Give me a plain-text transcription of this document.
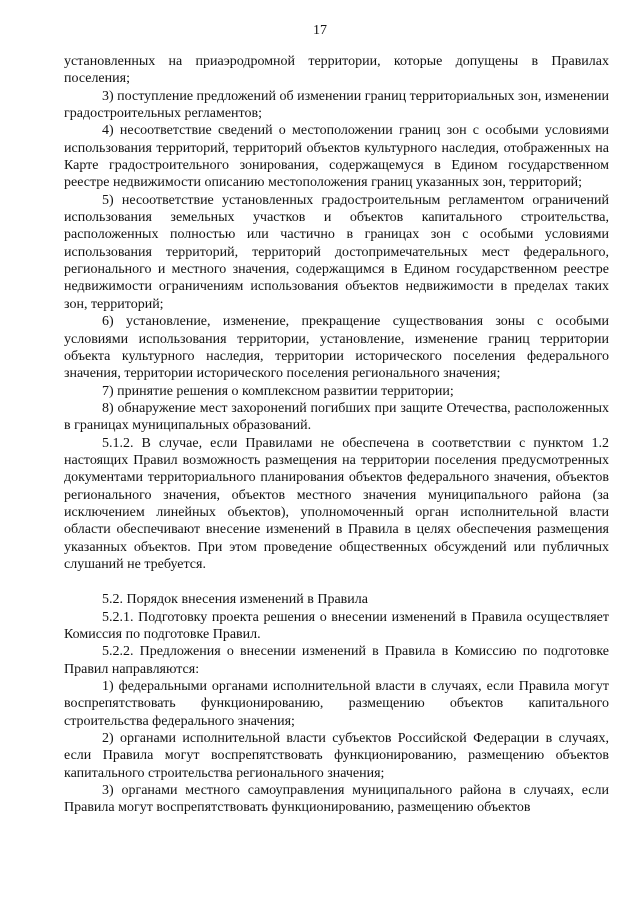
17

установленных на приаэродромной территории, которые допущены в Правилах поселения;

3) поступление предложений об изменении границ территориальных зон, изменении градостроительных регламентов;

4) несоответствие сведений о местоположении границ зон с особыми условиями использования территорий, территорий объектов культурного наследия, отображенных на Карте градостроительного зонирования, содержащемуся в Едином государственном реестре недвижимости описанию местоположения границ указанных зон, территорий;

5) несоответствие установленных градостроительным регламентом ограничений использования земельных участков и объектов капитального строительства, расположенных полностью или частично в границах зон с особыми условиями использования территорий, территорий достопримечательных мест федерального, регионального и местного значения, содержащимся в Едином государственном реестре недвижимости ограничениям использования объектов недвижимости в пределах таких зон, территорий;

6) установление, изменение, прекращение существования зоны с особыми условиями использования территории, установление, изменение границ территории объекта культурного наследия, территории исторического поселения федерального значения, территории исторического поселения регионального значения;

7) принятие решения о комплексном развитии территории;

8) обнаружение мест захоронений погибших при защите Отечества, расположенных в границах муниципальных образований.

5.1.2. В случае, если Правилами не обеспечена в соответствии с пунктом 1.2 настоящих Правил возможность размещения на территории поселения предусмотренных документами территориального планирования объектов федерального значения, объектов регионального значения, объектов местного значения муниципального района (за исключением линейных объектов), уполномоченный орган исполнительной власти области обеспечивают внесение изменений в Правила в целях обеспечения размещения указанных объектов. При этом проведение общественных обсуждений или публичных слушаний не требуется.

5.2. Порядок внесения изменений в Правила

5.2.1. Подготовку проекта решения о внесении изменений в Правила осуществляет Комиссия по подготовке Правил.

5.2.2. Предложения о внесении изменений в Правила в Комиссию по подготовке Правил направляются:

1) федеральными органами исполнительной власти в случаях, если Правила могут воспрепятствовать функционированию, размещению объектов капитального строительства федерального значения;

2) органами исполнительной власти субъектов Российской Федерации в случаях, если Правила могут воспрепятствовать функционированию, размещению объектов капитального строительства регионального значения;

3) органами местного самоуправления муниципального района в случаях, если Правила могут воспрепятствовать функционированию, размещению объектов
